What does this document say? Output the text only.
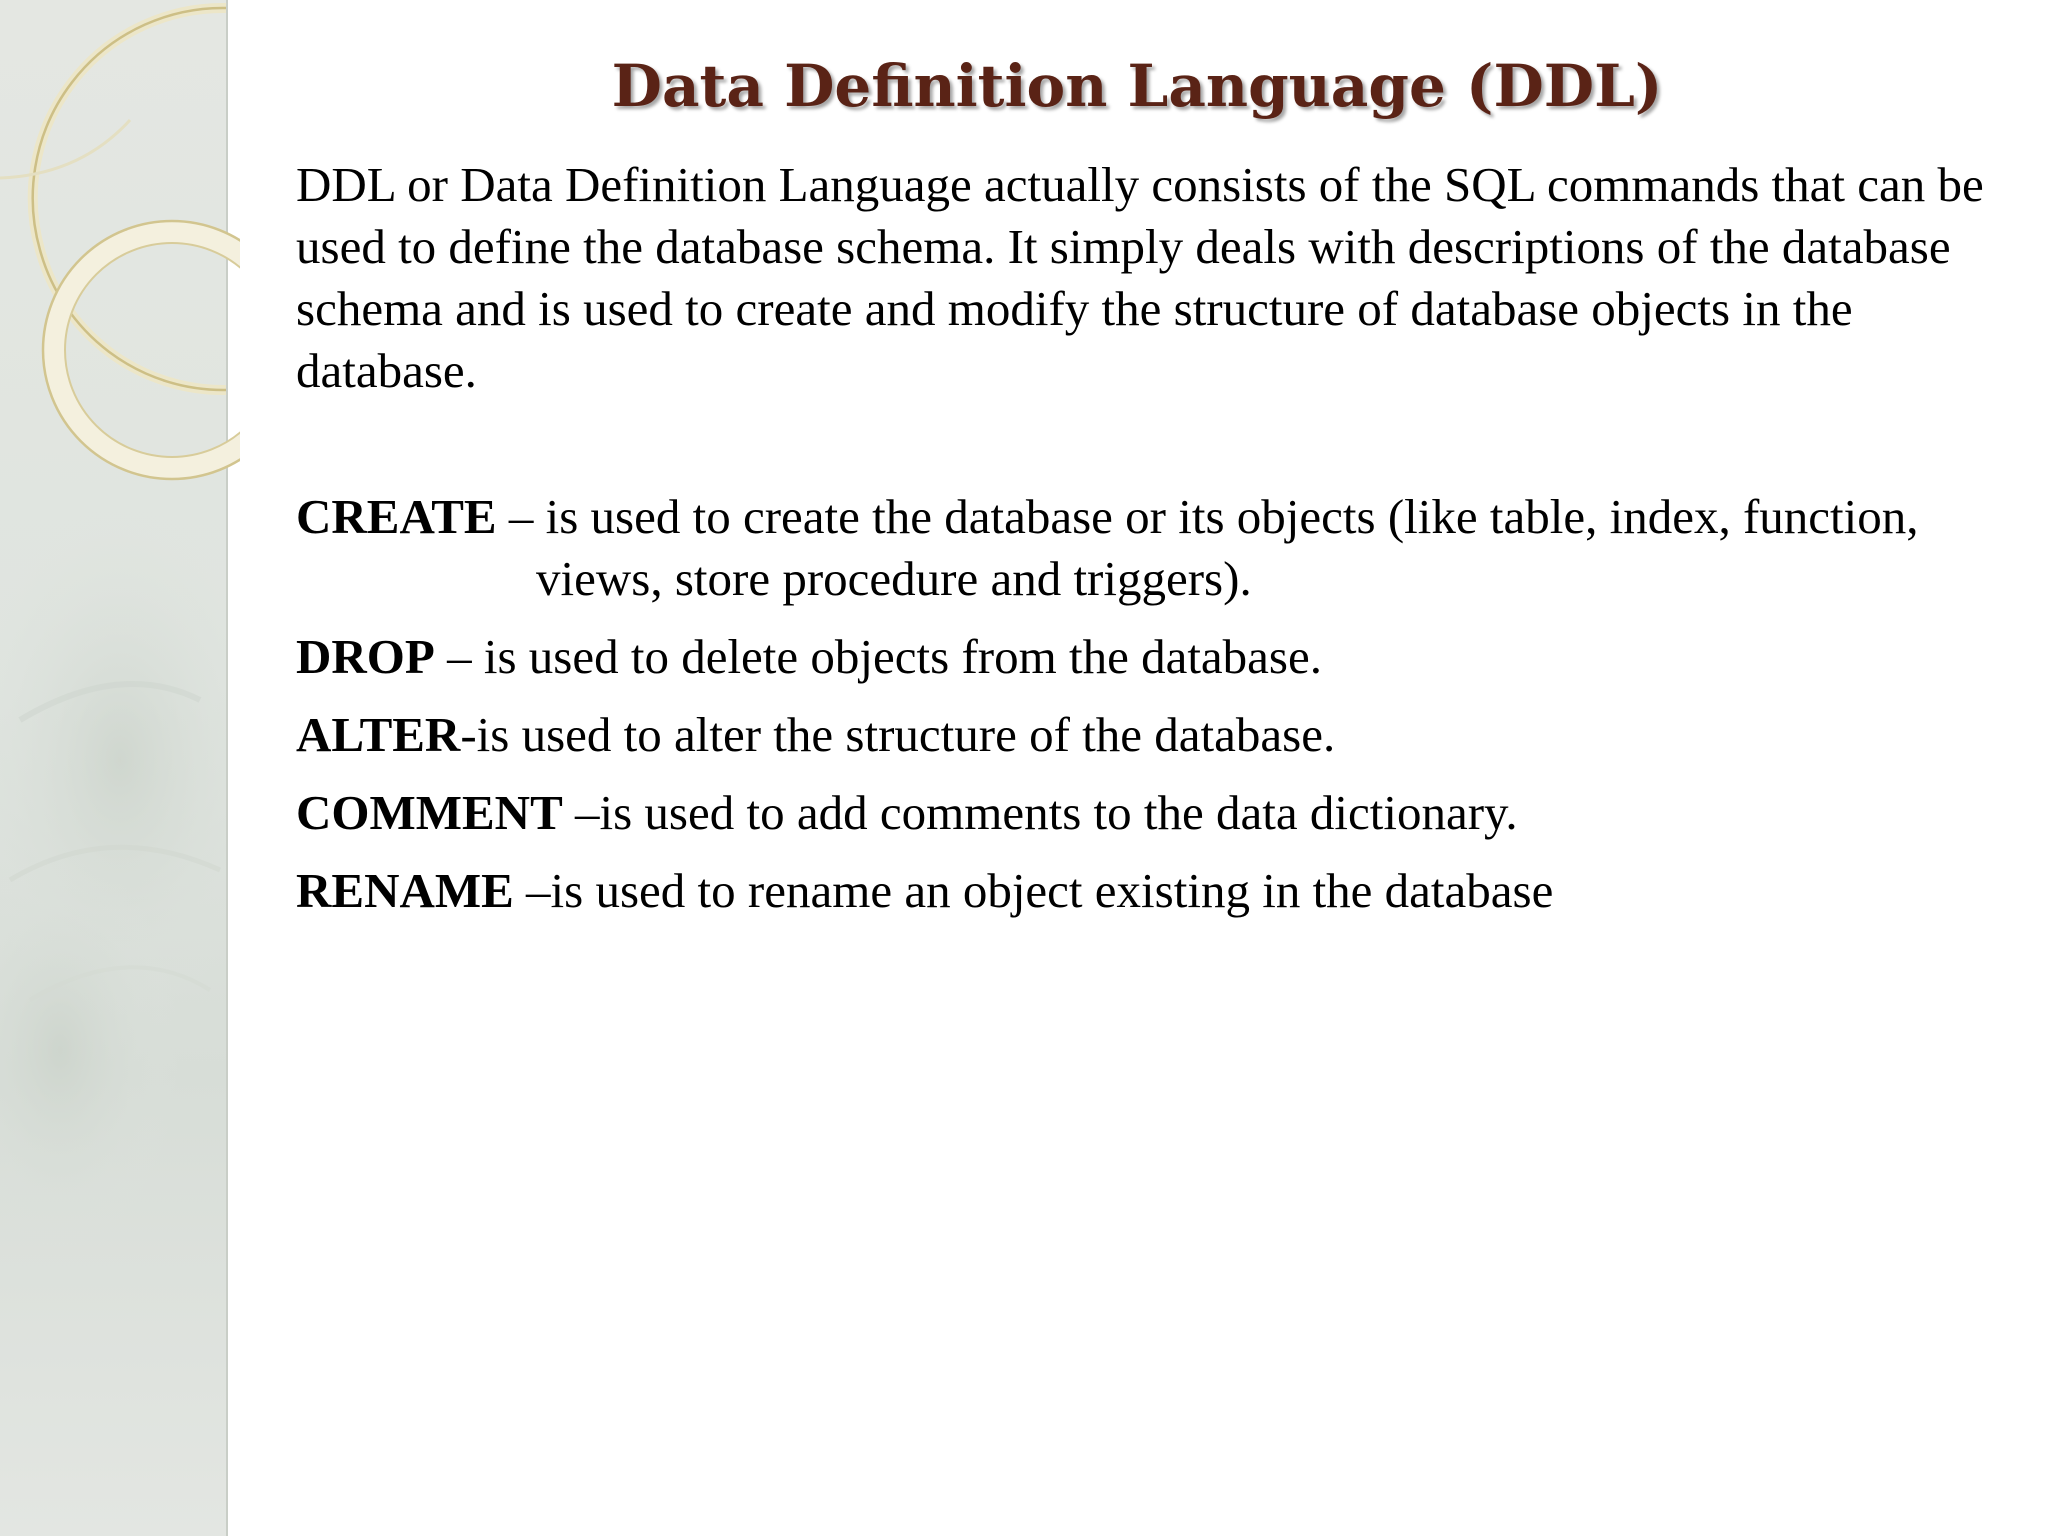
Data Definition Language (DDL)
DDL or Data Definition Language actually consists of the SQL commands that can be used to define the database schema. It simply deals with descriptions of the database schema and is used to create and modify the structure of database objects in the database.
CREATE – is used to create the database or its objects (like table, index, function, views, store procedure and triggers).
DROP – is used to delete objects from the database.
ALTER-is used to alter the structure of the database.
COMMENT –is used to add comments to the data dictionary.
RENAME –is used to rename an object existing in the database
